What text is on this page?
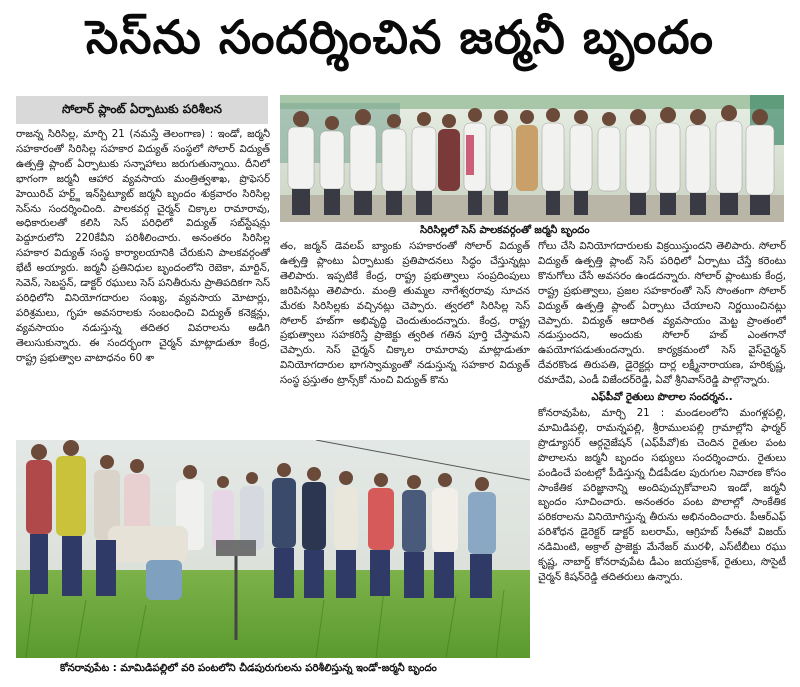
సెస్‌ను సందర్శించిన జర్మనీ బృందం
సోలార్ ప్లాంట్ ఏర్పాటుకు పరిశీలన

రాజన్న సిరిసిల్ల, మార్చి 21 (నమస్తే తెలంగాణ) : ఇండో, జర్మనీ సహకారంతో సిరిసిల్ల సహకార విద్యుత్ సంస్థలో సోలార్ విద్యుత్ ఉత్పత్తి ప్లాంట్ ఏర్పాటుకు సన్నాహాలు జరుగుతున్నాయి. దీనిలో భాగంగా జర్మనీ ఆహార వ్యవసాయ మంత్రిత్వశాఖ, ప్రొఫెసర్ హెయిరిచ్ హర్ట్జ్ ఇన్‌స్టిట్యూట్ జర్మనీ బృందం శుక్రవారం సిరిసిల్ల సెస్‌ను సందర్శించింది. పాలకవర్గ చైర్మన్ చిక్కాల రామారావు, అధికారులతో కలిసి సెస్ పరిధిలో విద్యుత్ సబ్‌స్టేషన్లు పెద్దూరులోని 220కేవీని పరిశీలించారు. అనంతరం సిరిసిల్ల సహకార విద్యుత్ సంస్థ కార్యాలయానికి చేరుకుని పాలకవర్గంతో భేటీ అయ్యారు. జర్మనీ ప్రతినిధుల బృందంలోని రెబెకా, మార్టిన్, సెవెన్, సెబస్టన్, డాక్టర్ రఘులు సెస్ పనితీరును ప్రాతిపదికగా సెస్ పరిధిలోని వినియోగదారుల సంఖ్య, వ్యవసాయ మోటార్లు, పరిశ్రమలు, గృహ అవసరాలకు సంబంధించి విద్యుత్ కనెక్షన్లు, వ్యవసాయం నడుస్తున్న తదితర వివరాలను అడిగి తెలుసుకున్నారు. ఈ సందర్భంగా చైర్మన్ మాట్లాడుతూ కేంద్ర, రాష్ట్ర ప్రభుత్వాల వాటాధనం 60 శా

సిరిసిల్లలో సెస్ పాలకవర్గంతో జర్మనీ బృందం

తం, జర్మన్ డెవలప్ బ్యాంకు సహకారంతో సోలార్ విద్యుత్ ఉత్పత్తి ప్లాంటు ఏర్పాటుకు ప్రతిపాదనలు సిద్ధం చేస్తున్నట్లు తెలిపారు. ఇప్పటికే కేంద్ర, రాష్ట్ర ప్రభుత్వాలు సంప్రదింపులు జరిపినట్లు తెలిపారు. మంత్రి తుమ్మల నాగేశ్వరరావు సూచన మేరకు సిరిసిల్లకు వచ్చినట్లు చెప్పారు. త్వరలో సిరిసిల్ల సెస్ సోలార్ హబ్‌గా అభివృద్ధి చెందుతుందన్నారు. కేంద్ర, రాష్ట్ర ప్రభుత్వాలు సహకరిస్తే ప్రాజెక్టు త్వరిత గతిన పూర్తి చేస్తామని చెప్పారు. సెస్ చైర్మన్ చిక్కాల రామారావు మాట్లాడుతూ వినియోగదారుల భాగస్వామ్యంతో నడుస్తున్న సహకార విద్యుత్ సంస్థ ప్రస్తుతం ట్రాన్స్‌కో నుంచి విద్యుత్ కొను

గోలు చేసి వినియోగదారులకు విక్రయిస్తుందని తెలిపారు. సోలార్ విద్యుత్ ఉత్పత్తి ప్లాంట్ సెస్ పరిధిలో ఏర్పాటు చేస్తే కరెంటు కొనుగోలు చేసే అవసరం ఉండదన్నారు. సోలార్ ప్లాంటుకు కేంద్ర, రాష్ట్ర ప్రభుత్వాలు, ప్రజల సహకారంతో సెస్ సొంతంగా సోలార్ విద్యుత్ ఉత్పత్తి ప్లాంట్ ఏర్పాటు చేయాలని నిర్ణయించినట్లు చెప్పారు. విద్యుత్ ఆదారిత వ్యవసాయం మెట్ట ప్రాంతంలో నడుస్తుందని, అందుకు సోలార్ హబ్ ఎంతగానో ఉపయోగపడుతుందన్నారు. కార్యక్రమంలో సెస్ వైస్‌చైర్మన్ దేవరకొండ తిరుపతి, డైరెక్టర్లు దార్ల లక్ష్మీనారాయణ, హరికృష్ణ, రమాదేవి, ఎండీ విజేందర్‌రెడ్డి, ఏవో శ్రీనివాస్‌రెడ్డి పాల్గొన్నారు.

ఎఫ్‌పీవో రైతులు పొలాల సందర్శన..

కోనరావుపేట, మార్చి 21 : మండలంలోని మంగళ్లపల్లి, మామిడిపల్లి, రామన్నపల్లి, శ్రీరాములపల్లి గ్రామాల్లోని ఫార్మర్ ప్రొడ్యూసర్ ఆర్గనైజేషన్ (ఎఫ్‌పీవో)కు చెందిన రైతుల పంట పొలాలను జర్మనీ బృందం సభ్యులు సందర్శించారు. రైతులు పండించే పంటల్లో పీడిస్తున్న చీడపీడల పురుగుల నివారణ కోసం సాంకేతిక పరిజ్ఞానాన్ని అందిపుచ్చుకోవాలని ఇండో, జర్మనీ బృందం సూచించారు. అనంతరం పంట పొలాల్లో సాంకేతిక పరికరాలను వినియోగిస్తున్న తీరును అభినందించారు. పీఆర్‌ఎఫ్ పరిశోధన డైరెక్టర్ డాక్టర్ బలరామ్, ఆగ్రిహబ్ సీఈవో విజయ్ నడిమింటి, అక్రాల్ ప్రాజెక్టు మేనేజర్ మురళీ, ఎస్‌టీబీలు రఘు కృష్ణ, నాబార్డ్ కోనరావుపేట డీఎం జయప్రకాశ్, రైతులు, సొసైటీ చైర్మన్ కిషన్‌రెడ్డి తదితరులు ఉన్నారు.

కోనరావుపేట : మామిడిపల్లిలో వరి పంటలోని చీడపురుగులను పరిశీలిస్తున్న ఇండో-జర్మనీ బృందం
